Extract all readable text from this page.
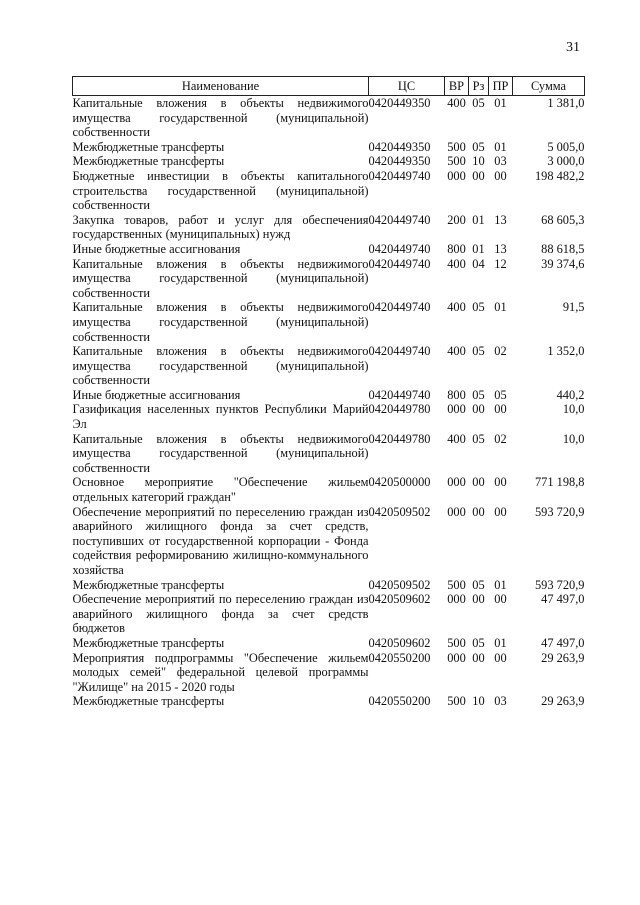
31
Наименование	ЦС	ВР	Рз	ПР	Сумма
Капитальные вложения в объекты недвижимого имущества государственной (муниципальной) собственности	0420449350	400	05	01	1 381,0
Межбюджетные трансферты	0420449350	500	05	01	5 005,0
Межбюджетные трансферты	0420449350	500	10	03	3 000,0
Бюджетные инвестиции в объекты капитального строительства государственной (муниципальной) собственности	0420449740	000	00	00	198 482,2
Закупка товаров, работ и услуг для обеспечения государственных (муниципальных) нужд	0420449740	200	01	13	68 605,3
Иные бюджетные ассигнования	0420449740	800	01	13	88 618,5
Капитальные вложения в объекты недвижимого имущества государственной (муниципальной) собственности	0420449740	400	04	12	39 374,6
Капитальные вложения в объекты недвижимого имущества государственной (муниципальной) собственности	0420449740	400	05	01	91,5
Капитальные вложения в объекты недвижимого имущества государственной (муниципальной) собственности	0420449740	400	05	02	1 352,0
Иные бюджетные ассигнования	0420449740	800	05	05	440,2
Газификация населенных пунктов Республики Марий Эл	0420449780	000	00	00	10,0
Капитальные вложения в объекты недвижимого имущества государственной (муниципальной) собственности	0420449780	400	05	02	10,0
Основное мероприятие "Обеспечение жильем отдельных категорий граждан"	0420500000	000	00	00	771 198,8
Обеспечение мероприятий по переселению граждан из аварийного жилищного фонда за счет средств, поступивших от государственной корпорации - Фонда содействия реформированию жилищно-коммунального хозяйства	0420509502	000	00	00	593 720,9
Межбюджетные трансферты	0420509502	500	05	01	593 720,9
Обеспечение мероприятий по переселению граждан из аварийного жилищного фонда за счет средств бюджетов	0420509602	000	00	00	47 497,0
Межбюджетные трансферты	0420509602	500	05	01	47 497,0
Мероприятия подпрограммы "Обеспечение жильем молодых семей" федеральной целевой программы "Жилище" на 2015 - 2020 годы	0420550200	000	00	00	29 263,9
Межбюджетные трансферты	0420550200	500	10	03	29 263,9
